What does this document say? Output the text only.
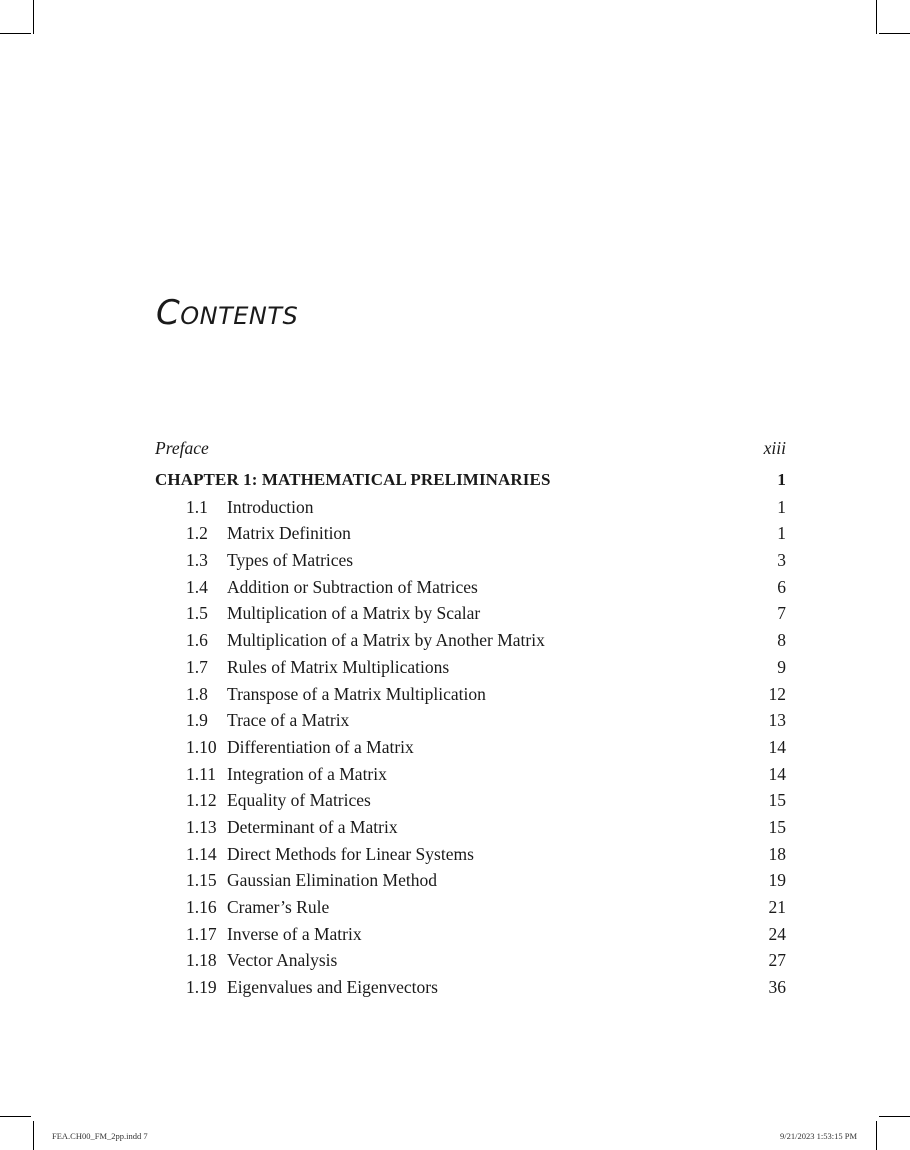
Contents
Preface	xiii
CHAPTER 1: MATHEMATICAL PRELIMINARIES	1
1.1 Introduction	1
1.2 Matrix Definition	1
1.3 Types of Matrices	3
1.4 Addition or Subtraction of Matrices	6
1.5 Multiplication of a Matrix by Scalar	7
1.6 Multiplication of a Matrix by Another Matrix	8
1.7 Rules of Matrix Multiplications	9
1.8 Transpose of a Matrix Multiplication	12
1.9 Trace of a Matrix	13
1.10 Differentiation of a Matrix	14
1.11 Integration of a Matrix	14
1.12 Equality of Matrices	15
1.13 Determinant of a Matrix	15
1.14 Direct Methods for Linear Systems	18
1.15 Gaussian Elimination Method	19
1.16 Cramer’s Rule	21
1.17 Inverse of a Matrix	24
1.18 Vector Analysis	27
1.19 Eigenvalues and Eigenvectors	36
FEA.CH00_FM_2pp.indd 7	9/21/2023 1:53:15 PM
